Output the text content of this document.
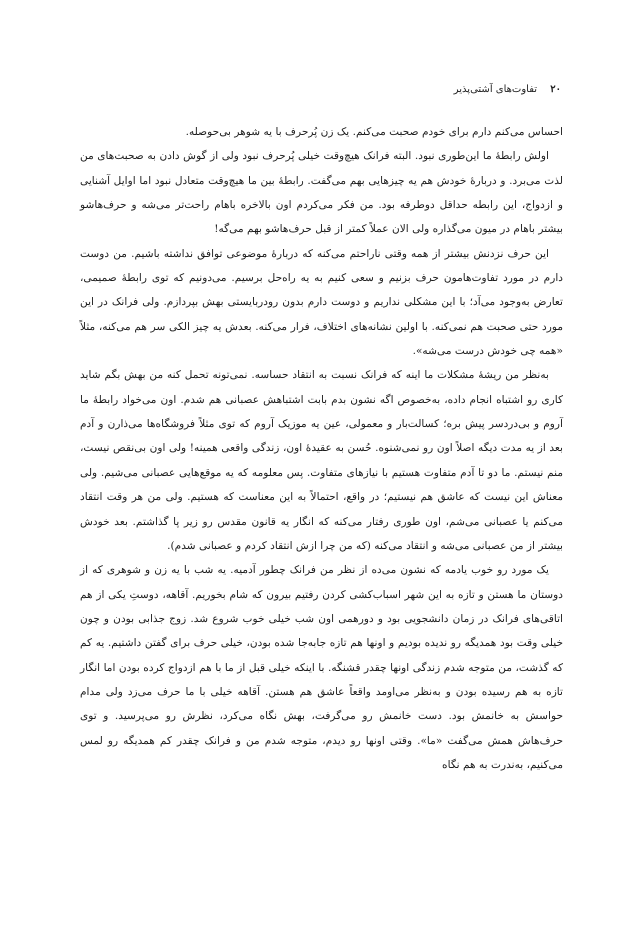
۲۰ تفاوت‌های آشتی‌پذیر

احساس می‌کنم دارم برای خودم صحبت می‌کنم. یک زن پُرحرف با یه شوهر بی‌حوصله.

اولش رابطهٔ ما این‌طوری نبود. البته فرانک هیچ‌وقت خیلی پُرحرف نبود ولی از گوش دادن به صحبت‌های من لذت می‌برد. و دربارهٔ خودش هم یه چیزهایی بهم می‌گفت. رابطهٔ بین ما هیچ‌وقت متعادل نبود اما اوایل آشنایی و ازدواج، این رابطه حداقل دوطرفه بود. من فکر می‌کردم اون بالاخره باهام راحت‌تر می‌شه و حرف‌هاشو بیشتر باهام در میون می‌گذاره ولی الان عملاً کمتر از قبل حرف‌هاشو بهم می‌گه!

این حرف نزدنش بیشتر از همه وقتی ناراحتم می‌کنه که دربارهٔ موضوعی توافق نداشته باشیم. من دوست دارم در مورد تفاوت‌هامون حرف بزنیم و سعی کنیم به یه راه‌حل برسیم. می‌دونیم که توی رابطهٔ صمیمی، تعارض به‌وجود می‌آد؛ با این مشکلی نداریم و دوست دارم بدون رودربایستی بهش بپردازم. ولی فرانک در این مورد حتی صحبت هم نمی‌کنه. با اولین نشانه‌های اختلاف، فرار می‌کنه. بعدش یه چیز الکی سر هم می‌کنه، مثلاً «همه چی خودش درست می‌شه».

به‌نظر من ریشهٔ مشکلات ما اینه که فرانک نسبت به انتقاد حساسه. نمی‌تونه تحمل کنه من بهش بگم شاید کاری رو اشتباه انجام داده، به‌خصوص اگه نشون بدم بابت اشتباهش عصبانی هم شدم. اون می‌خواد رابطهٔ ما آروم و بی‌دردسر پیش بره؛ کسالت‌بار و معمولی، عین یه موزیک آروم که توی مثلاً فروشگاه‌ها می‌ذارن و آدم بعد از یه مدت دیگه اصلاً اون رو نمی‌شنوه. حُسن به عقیدهٔ اون، زندگی واقعی همینه! ولی اون بی‌نقص نیست، منم نیستم. ما دو تا آدم متفاوت هستیم با نیازهای متفاوت. پس معلومه که یه موقع‌هایی عصبانی می‌شیم. ولی معناش این نیست که عاشق هم نیستیم؛ در واقع، احتمالاً به این معناست که هستیم. ولی من هر وقت انتقاد می‌کنم یا عصبانی می‌شم، اون طوری رفتار می‌کنه که انگار یه قانون مقدس رو زیر پا گذاشتم. بعد خودش بیشتر از من عصبانی می‌شه و انتقاد می‌کنه (که من چرا ازش انتقاد کردم و عصبانی شدم).

یک مورد رو خوب یادمه که نشون می‌ده از نظر من فرانک چطور آدمیه. یه شب با یه زن و شوهری که از دوستان ما هستن و تازه به این شهر اسباب‌کشی کردن رفتیم بیرون که شام بخوریم. آقاهه، دوستِ یکی از هم اتاقی‌های فرانک در زمان دانشجویی بود و دورهمی اون شب خیلی خوب شروع شد. زوج جذابی بودن و چون خیلی وقت بود همدیگه رو ندیده بودیم و اونها هم تازه جابه‌جا شده بودن، خیلی حرف برای گفتن داشتیم. یه کم که گذشت، من متوجه شدم زندگی اونها چقدر قشنگه. با اینکه خیلی قبل از ما با هم ازدواج کرده بودن اما انگار تازه به هم رسیده بودن و به‌نظر می‌اومد واقعاً عاشق هم هستن. آقاهه خیلی با ما حرف می‌زد ولی مدام حواسش به خانمش بود. دست خانمش رو می‌گرفت، بهش نگاه می‌کرد، نظرش رو می‌پرسید. و توی حرف‌هاش همش می‌گفت «ما». وقتی اونها رو دیدم، متوجه شدم من و فرانک چقدر کم همدیگه رو لمس می‌کنیم، به‌ندرت به هم نگاه
